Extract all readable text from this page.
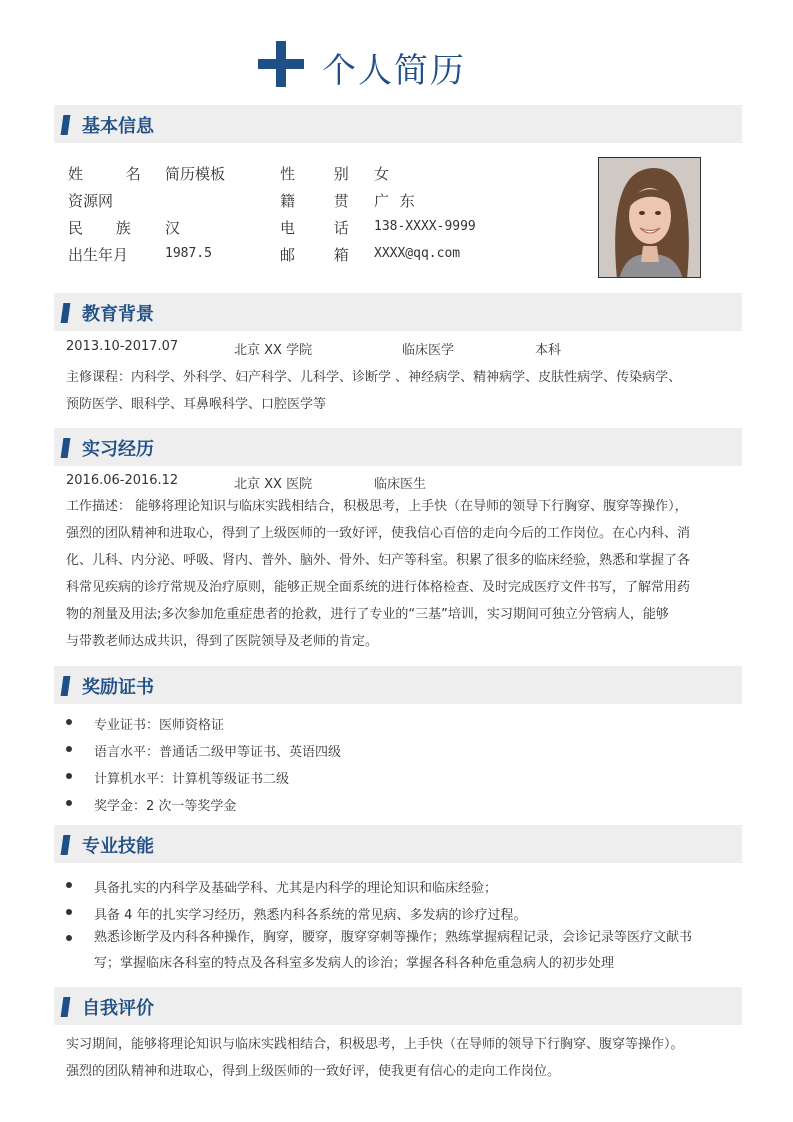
个人简历
基本信息
姓 名 简历模板	性 别 女
资源网	籍 贯 广 东
民 族 汉	电 话 138-XXXX-9999
出生年月	1987.5	邮 箱 XXXX@qq.com
教育背景
2013.10-2017.07	北京 XX 学院	临床医学	本科
主修课程：内科学、外科学、妇产科学、儿科学、诊断学 、神经病学、精神病学、皮肤性病学、传染病学、
预防医学、眼科学、耳鼻喉科学、口腔医学等
实习经历
2016.06-2016.12	北京 XX 医院	临床医生
工作描述： 能够将理论知识与临床实践相结合，积极思考，上手快（在导师的领导下行胸穿、腹穿等操作），
强烈的团队精神和进取心，得到了上级医师的一致好评，使我信心百倍的走向今后的工作岗位。在心内科、消
化、儿科、内分泌、呼吸、肾内、普外、脑外、骨外、妇产等科室。积累了很多的临床经验，熟悉和掌握了各
科常见疾病的诊疗常规及治疗原则，能够正规全面系统的进行体格检查、及时完成医疗文件书写，了解常用药
物的剂量及用法;多次参加危重症患者的抢救，进行了专业的“三基”培训，实习期间可独立分管病人，能够
与带教老师达成共识，得到了医院领导及老师的肯定。
奖励证书
专业证书：医师资格证
语言水平：普通话二级甲等证书、英语四级
计算机水平：计算机等级证书二级
奖学金：2 次一等奖学金
专业技能
具备扎实的内科学及基础学科、尤其是内科学的理论知识和临床经验；
具备 4 年的扎实学习经历，熟悉内科各系统的常见病、多发病的诊疗过程。
熟悉诊断学及内科各种操作，胸穿，腰穿，腹穿穿刺等操作；熟练掌握病程记录，会诊记录等医疗文献书
写；掌握临床各科室的特点及各科室多发病人的诊治；掌握各科各种危重急病人的初步处理
自我评价
实习期间，能够将理论知识与临床实践相结合，积极思考，上手快（在导师的领导下行胸穿、腹穿等操作）。
强烈的团队精神和进取心，得到上级医师的一致好评，使我更有信心的走向工作岗位。
